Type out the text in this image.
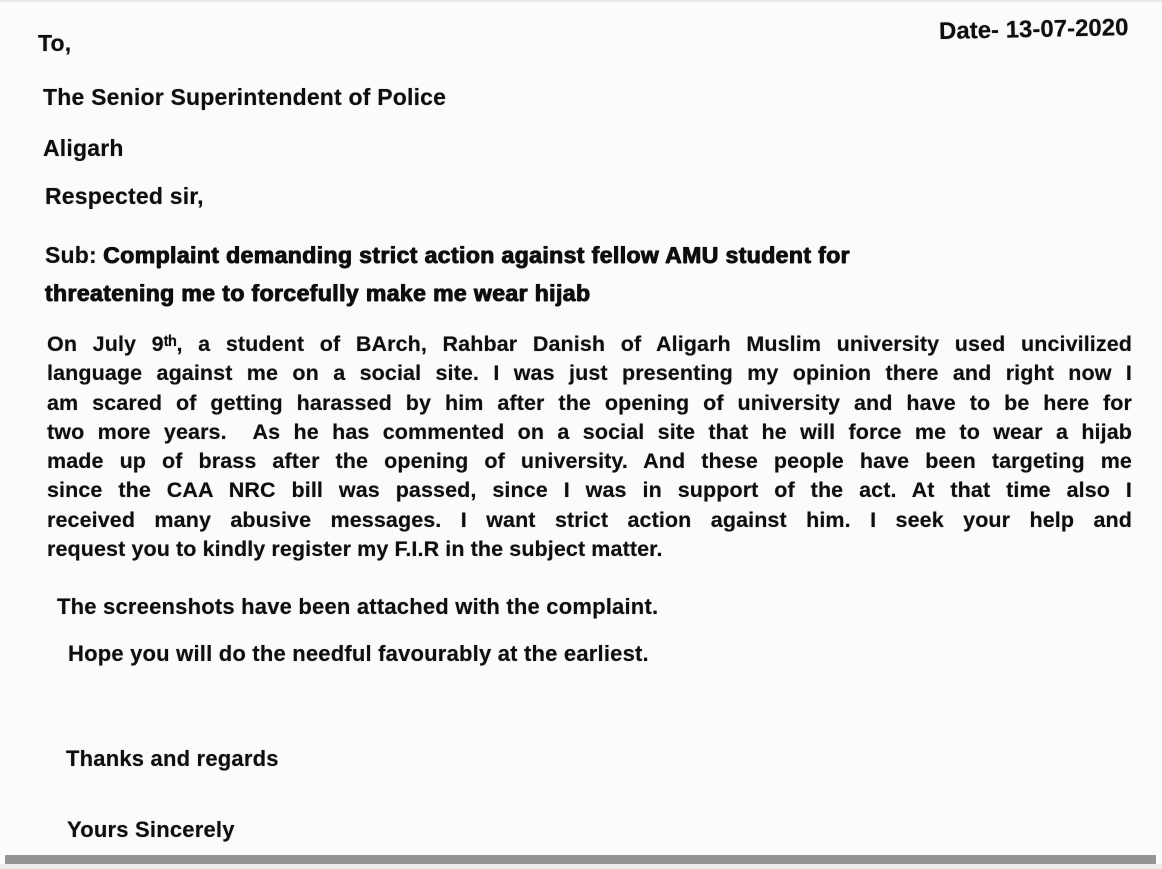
Date- 13-07-2020
To,
The Senior Superintendent of Police
Aligarh
Respected sir,
Sub: Complaint demanding strict action against fellow AMU student for
threatening me to forcefully make me wear hijab
On July 9ᵗʰ, a student of BArch, Rahbar Danish of Aligarh Muslim university used uncivilized
language against me on a social site. I was just presenting my opinion there and right now I
am scared of getting harassed by him after the opening of university and have to be here for
two more years.  As he has commented on a social site that he will force me to wear a hijab
made up of brass after the opening of university. And these people have been targeting me
since the CAA NRC bill was passed, since I was in support of the act. At that time also I
received many abusive messages. I want strict action against him. I seek your help and
request you to kindly register my F.I.R in the subject matter.
The screenshots have been attached with the complaint.
Hope you will do the needful favourably at the earliest.
Thanks and regards
Yours Sincerely
